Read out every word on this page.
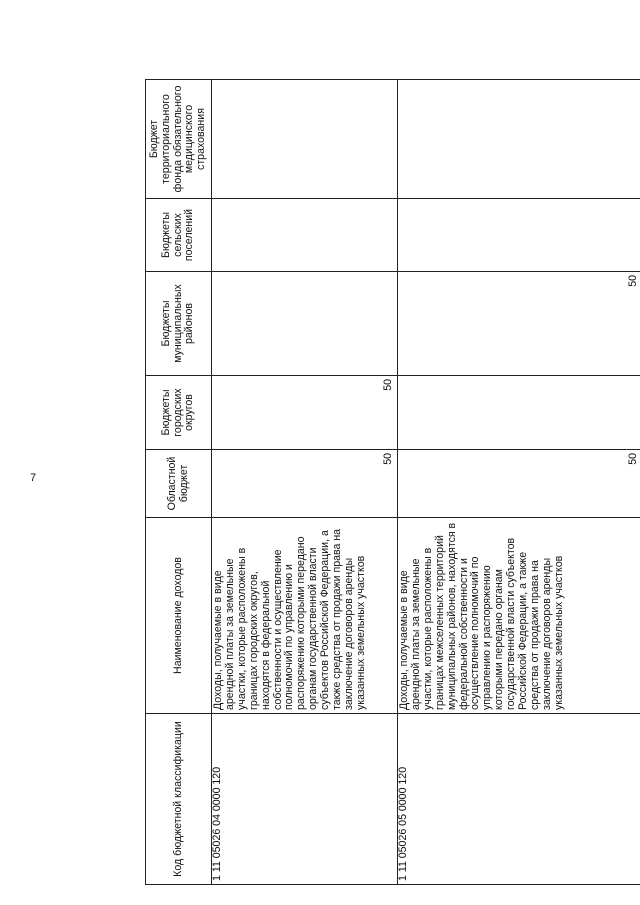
7
Код бюджетной классификации	Наименование доходов	Областной бюджет	Бюджеты городских округов	Бюджеты муниципальных районов	Бюджеты сельских поселений	Бюджет территориального фонда обязательного медицинского страхования
1 11 05026 04 0000 120	Доходы, получаемые в виде арендной платы за земельные участки, которые расположены в границах городских округов, находятся в федеральной собственности и осуществление полномочий по управлению и распоряжению которыми передано органам государственной власти субъектов Российской Федерации, а также средства от продажи права на заключение договоров аренды указанных земельных участков	50	50			
1 11 05026 05 0000 120	Доходы, получаемые в виде арендной платы за земельные участки, которые расположены в границах межселенных территорий муниципальных районов, находятся в федеральной собственности и осуществление полномочий по управлению и распоряжению которыми передано органам государственной власти субъектов Российской Федерации, а также средства от продажи права на заключение договоров аренды указанных земельных участков	50		50		
